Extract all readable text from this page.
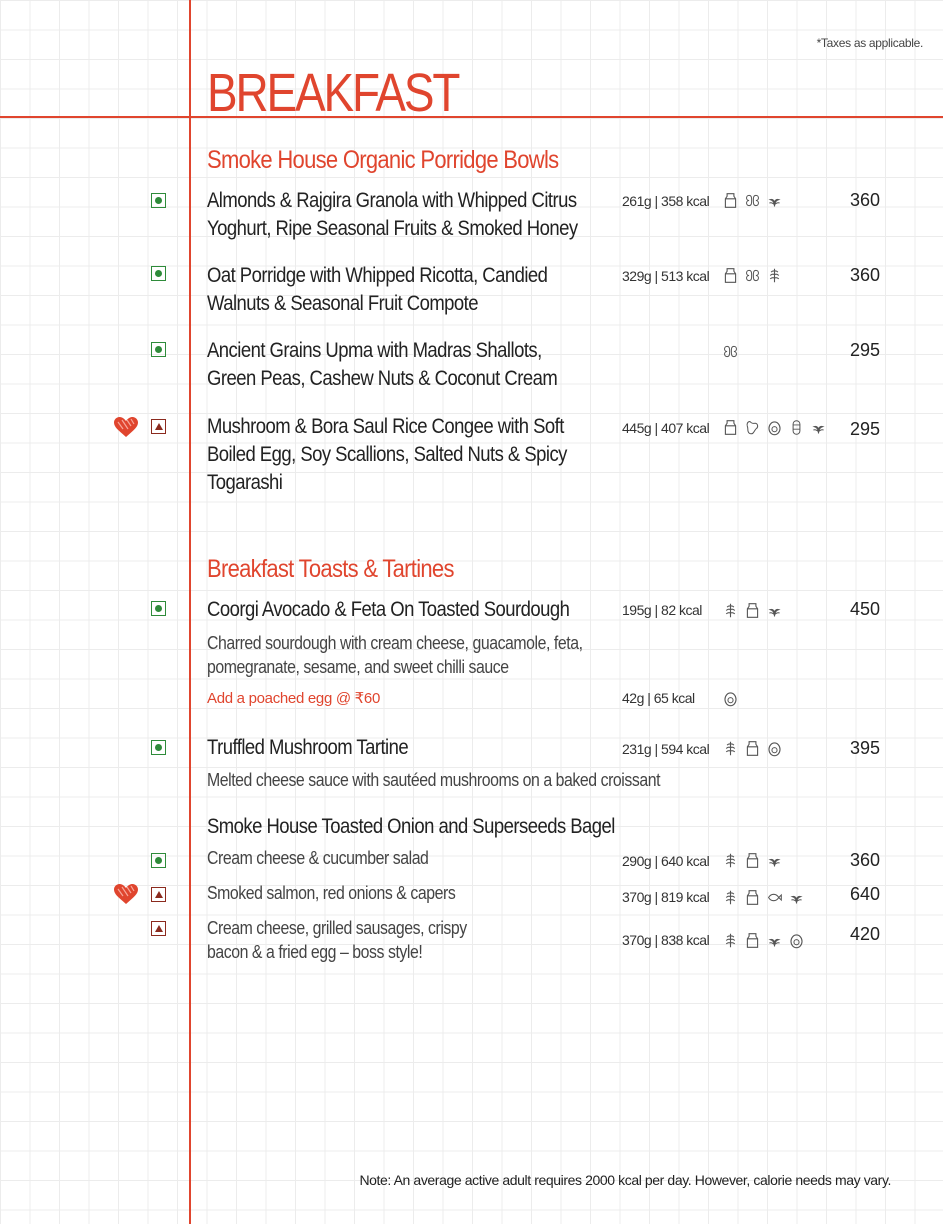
*Taxes as applicable.
BREAKFAST
Smoke House Organic Porridge Bowls
Almonds & Rajgira Granola with Whipped Citrus Yoghurt, Ripe Seasonal Fruits & Smoked Honey
261g | 358 kcal	360
Oat Porridge with Whipped Ricotta, Candied Walnuts & Seasonal Fruit Compote
329g | 513 kcal	360
Ancient Grains Upma with Madras Shallots, Green Peas, Cashew Nuts & Coconut Cream
295
Mushroom & Bora Saul Rice Congee with Soft Boiled Egg, Soy Scallions, Salted Nuts & Spicy Togarashi
445g | 407 kcal	295
Breakfast Toasts & Tartines
Coorgi Avocado & Feta On Toasted Sourdough
Charred sourdough with cream cheese, guacamole, feta, pomegranate, sesame, and sweet chilli sauce
195g | 82 kcal	450
Add a poached egg @ ₹60	42g | 65 kcal
Truffled Mushroom Tartine
Melted cheese sauce with sautéed mushrooms on a baked croissant
231g | 594 kcal	395
Smoke House Toasted Onion and Superseeds Bagel
Cream cheese & cucumber salad	290g | 640 kcal	360
Smoked salmon, red onions & capers	370g | 819 kcal	640
Cream cheese, grilled sausages, crispy bacon & a fried egg – boss style!
370g | 838 kcal	420
Note: An average active adult requires 2000 kcal per day. However, calorie needs may vary.
